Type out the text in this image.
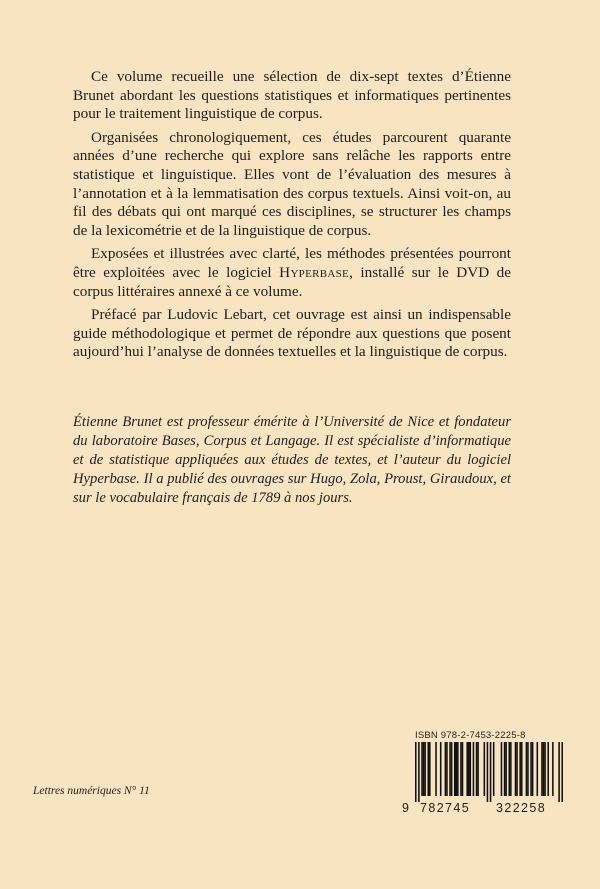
Ce volume recueille une sélection de dix-sept textes d’Étienne Brunet abordant les questions statistiques et informatiques pertinentes pour le traitement linguistique de corpus.

Organisées chronologiquement, ces études parcourent quarante années d’une recherche qui explore sans relâche les rapports entre statistique et linguistique. Elles vont de l’évaluation des mesures à l’annotation et à la lemmatisation des corpus textuels. Ainsi voit-on, au fil des débats qui ont marqué ces disciplines, se structurer les champs de la lexicométrie et de la linguistique de corpus.

Exposées et illustrées avec clarté, les méthodes présentées pourront être exploitées avec le logiciel Hyperbase, installé sur le DVD de corpus littéraires annexé à ce volume.

Préfacé par Ludovic Lebart, cet ouvrage est ainsi un indispensable guide méthodologique et permet de répondre aux questions que posent aujourd’hui l’analyse de données textuelles et la linguistique de corpus.

Étienne Brunet est professeur émérite à l’Université de Nice et fondateur du laboratoire Bases, Corpus et Langage. Il est spécialiste d’informatique et de statistique appliquées aux études de textes, et l’auteur du logiciel Hyperbase. Il a publié des ouvrages sur Hugo, Zola, Proust, Giraudoux, et sur le vocabulaire français de 1789 à nos jours.

Lettres numériques N° 11

ISBN 978-2-7453-2225-8
9 782745 322258
